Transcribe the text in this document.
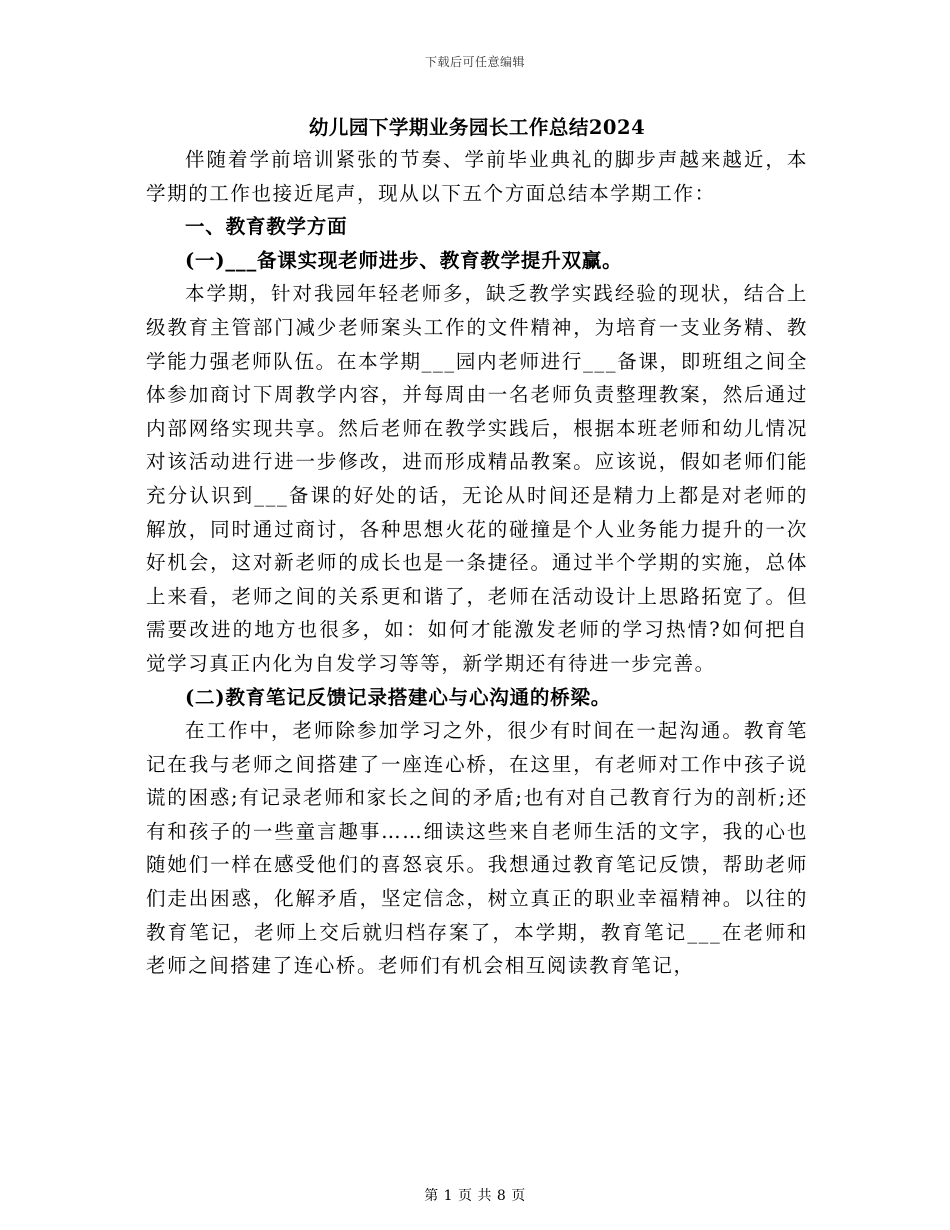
下载后可任意编辑
幼儿园下学期业务园长工作总结2024

伴随着学前培训紧张的节奏、学前毕业典礼的脚步声越来越近，本学期的工作也接近尾声，现从以下五个方面总结本学期工作：

一、教育教学方面

(一)___备课实现老师进步、教育教学提升双赢。

本学期，针对我园年轻老师多，缺乏教学实践经验的现状，结合上级教育主管部门减少老师案头工作的文件精神，为培育一支业务精、教学能力强老师队伍。在本学期___园内老师进行___备课，即班组之间全体参加商讨下周教学内容，并每周由一名老师负责整理教案，然后通过内部网络实现共享。然后老师在教学实践后，根据本班老师和幼儿情况对该活动进行进一步修改，进而形成精品教案。应该说，假如老师们能充分认识到___备课的好处的话，无论从时间还是精力上都是对老师的解放，同时通过商讨，各种思想火花的碰撞是个人业务能力提升的一次好机会，这对新老师的成长也是一条捷径。通过半个学期的实施，总体上来看，老师之间的关系更和谐了，老师在活动设计上思路拓宽了。但需要改进的地方也很多，如：如何才能激发老师的学习热情?如何把自觉学习真正内化为自发学习等等，新学期还有待进一步完善。

(二)教育笔记反馈记录搭建心与心沟通的桥梁。

在工作中，老师除参加学习之外，很少有时间在一起沟通。教育笔记在我与老师之间搭建了一座连心桥，在这里，有老师对工作中孩子说谎的困惑;有记录老师和家长之间的矛盾;也有对自己教育行为的剖析;还有和孩子的一些童言趣事……细读这些来自老师生活的文字，我的心也随她们一样在感受他们的喜怒哀乐。我想通过教育笔记反馈，帮助老师们走出困惑，化解矛盾，坚定信念，树立真正的职业幸福精神。以往的教育笔记，老师上交后就归档存案了，本学期，教育笔记___在老师和老师之间搭建了连心桥。老师们有机会相互阅读教育笔记，

第 1 页 共 8 页
